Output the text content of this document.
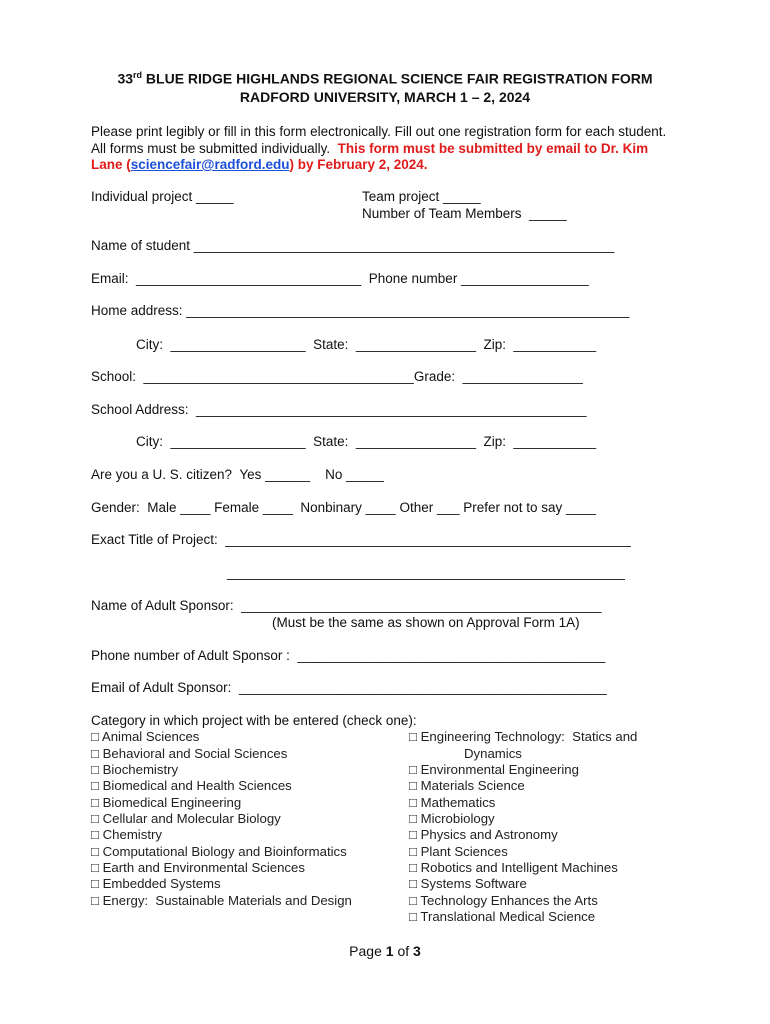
33rd BLUE RIDGE HIGHLANDS REGIONAL SCIENCE FAIR REGISTRATION FORM
RADFORD UNIVERSITY, MARCH 1 – 2, 2024
Please print legibly or fill in this form electronically. Fill out one registration form for each student.
All forms must be submitted individually.  This form must be submitted by email to Dr. Kim
Lane (sciencefair@radford.edu) by February 2, 2024.
Individual project _____	Team project _____
Number of Team Members  _____
Name of student ________________________________________________________
Email:  ______________________________  Phone number _________________
Home address: ___________________________________________________________
City:  __________________  State:  ________________  Zip:  ___________
School:  ____________________________________Grade:  ________________
School Address:  ____________________________________________________
City:  __________________  State:  ________________  Zip:  ___________
Are you a U. S. citizen?  Yes ______    No _____
Gender:  Male ____ Female ____  Nonbinary ____ Other ___ Prefer not to say ____
Exact Title of Project:  ______________________________________________________
_____________________________________________________
Name of Adult Sponsor:  ________________________________________________
(Must be the same as shown on Approval Form 1A)
Phone number of Adult Sponsor :  _________________________________________
Email of Adult Sponsor:  _________________________________________________
Category in which project with be entered (check one):
□ Animal Sciences
□ Behavioral and Social Sciences
□ Biochemistry
□ Biomedical and Health Sciences
□ Biomedical Engineering
□ Cellular and Molecular Biology
□ Chemistry
□ Computational Biology and Bioinformatics
□ Earth and Environmental Sciences
□ Embedded Systems
□ Energy:  Sustainable Materials and Design
□ Engineering Technology:  Statics and
Dynamics
□ Environmental Engineering
□ Materials Science
□ Mathematics
□ Microbiology
□ Physics and Astronomy
□ Plant Sciences
□ Robotics and Intelligent Machines
□ Systems Software
□ Technology Enhances the Arts
□ Translational Medical Science
Page 1 of 3
